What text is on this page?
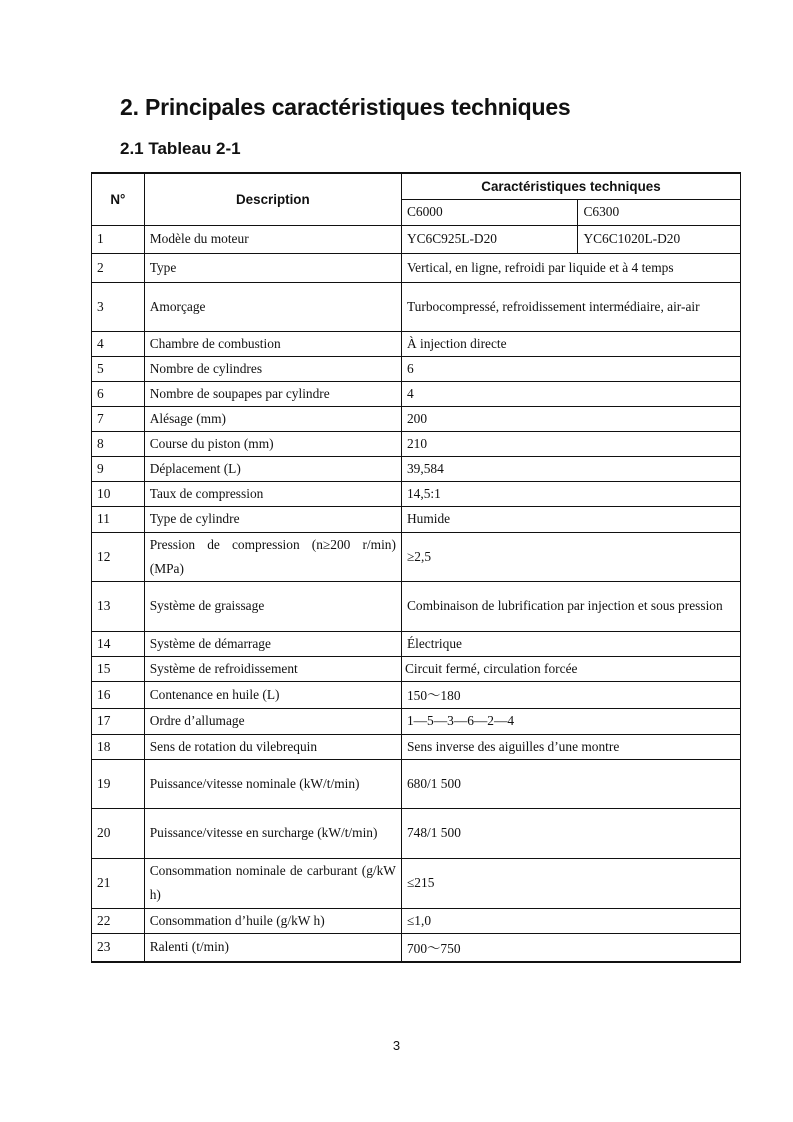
2. Principales caractéristiques techniques
2.1 Tableau 2-1
N°	Description	Caractéristiques techniques	
		C6000	C6300
1	Modèle du moteur	YC6C925L-D20	YC6C1020L-D20
2	Type	Vertical, en ligne, refroidi par liquide et à 4 temps	
3	Amorçage	Turbocompressé, refroidissement intermédiaire, air-air	
4	Chambre de combustion	À injection directe	
5	Nombre de cylindres	6	
6	Nombre de soupapes par cylindre	4	
7	Alésage (mm)	200	
8	Course du piston (mm)	210	
9	Déplacement (L)	39,584	
10	Taux de compression	14,5:1	
11	Type de cylindre	Humide	
12	Pression de compression (n≥200 r/min) (MPa)	≥2,5	
13	Système de graissage	Combinaison de lubrification par injection et sous pression	
14	Système de démarrage	Électrique	
15	Système de refroidissement	Circuit fermé, circulation forcée	
16	Contenance en huile (L)	150～180	
17	Ordre d’allumage	1—5—3—6—2—4	
18	Sens de rotation du vilebrequin	Sens inverse des aiguilles d’une montre	
19	Puissance/vitesse nominale (kW/t/min)	680/1 500	
20	Puissance/vitesse en surcharge (kW/t/min)	748/1 500	
21	Consommation nominale de carburant (g/kW h)	≤215	
22	Consommation d’huile (g/kW h)	≤1,0	
23	Ralenti (t/min)	700～750	
3
